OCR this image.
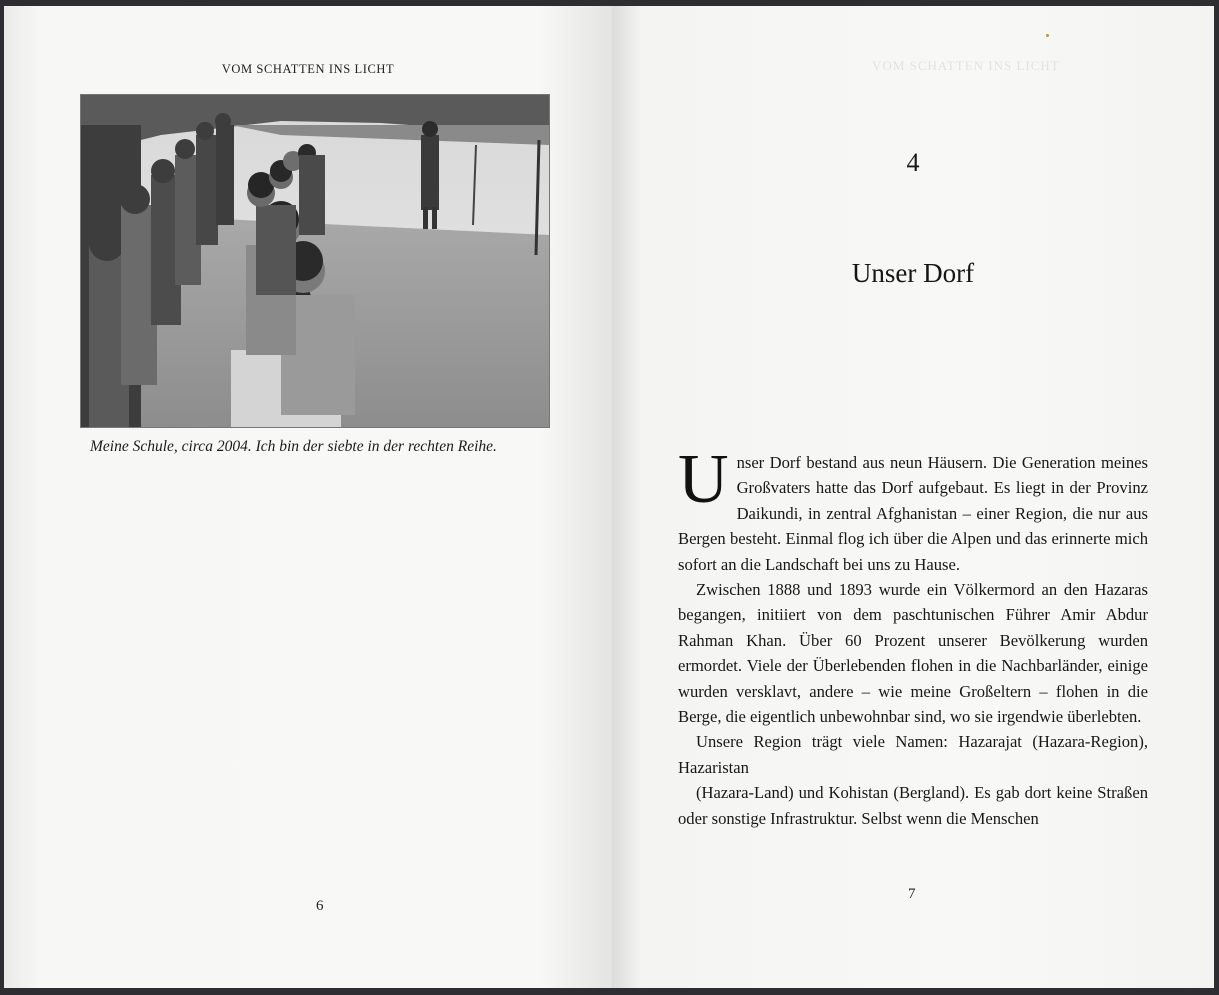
VOM SCHATTEN INS LICHT
Meine Schule, circa 2004. Ich bin der siebte in der rechten Reihe.
6
VOM SCHATTEN INS LICHT
4
Unser Dorf

Unser Dorf bestand aus neun Häusern. Die Generation meines Großvaters hatte das Dorf aufgebaut. Es liegt in der Provinz Daikundi, in zentral Afghanistan – einer Region, die nur aus Bergen besteht. Einmal flog ich über die Alpen und das erinnerte mich sofort an die Landschaft bei uns zu Hause.

Zwischen 1888 und 1893 wurde ein Völkermord an den Hazaras begangen, initiiert von dem paschtunischen Führer Amir Abdur Rahman Khan. Über 60 Prozent unserer Bevölkerung wurden ermordet. Viele der Überlebenden flohen in die Nachbarländer, einige wurden versklavt, andere – wie meine Großeltern – flohen in die Berge, die eigentlich unbewohnbar sind, wo sie irgendwie überlebten.

Unsere Region trägt viele Namen: Hazarajat (Hazara-Region), Hazaristan

(Hazara-Land) und Kohistan (Bergland). Es gab dort keine Straßen oder sonstige Infrastruktur. Selbst wenn die Menschen

7
